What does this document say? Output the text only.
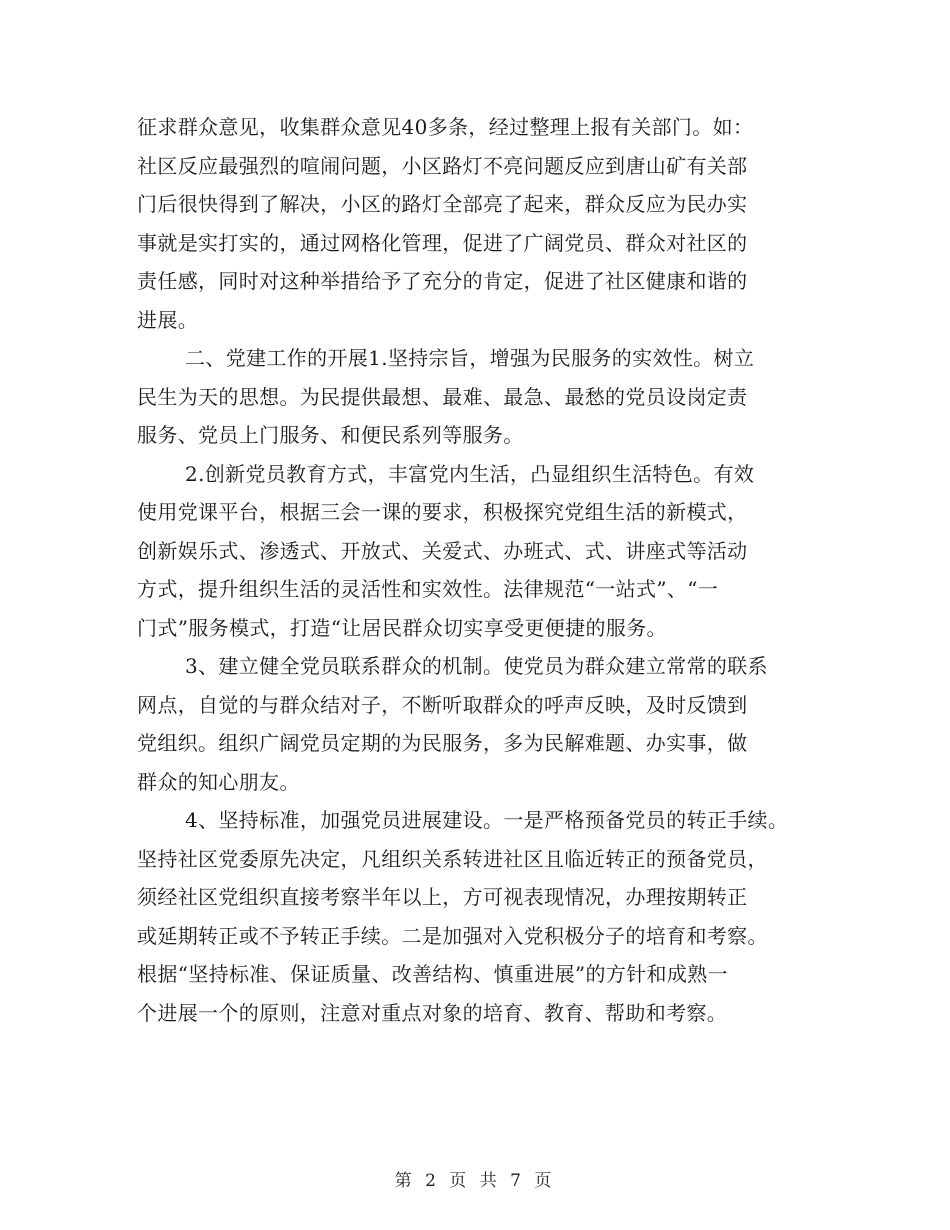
征求群众意见，收集群众意见40多条，经过整理上报有关部门。如：
社区反应最强烈的喧闹问题，小区路灯不亮问题反应到唐山矿有关部
门后很快得到了解决，小区的路灯全部亮了起来，群众反应为民办实
事就是实打实的，通过网格化管理，促进了广阔党员、群众对社区的
责任感，同时对这种举措给予了充分的肯定，促进了社区健康和谐的
进展。
二、党建工作的开展1.坚持宗旨，增强为民服务的实效性。树立
民生为天的思想。为民提供最想、最难、最急、最愁的党员设岗定责
服务、党员上门服务、和便民系列等服务。
2.创新党员教育方式，丰富党内生活，凸显组织生活特色。有效
使用党课平台，根据三会一课的要求，积极探究党组生活的新模式，
创新娱乐式、渗透式、开放式、关爱式、办班式、式、讲座式等活动
方式，提升组织生活的灵活性和实效性。法律规范“一站式”、“一
门式”服务模式，打造“让居民群众切实享受更便捷的服务。
3、建立健全党员联系群众的机制。使党员为群众建立常常的联系
网点，自觉的与群众结对子，不断听取群众的呼声反映，及时反馈到
党组织。组织广阔党员定期的为民服务，多为民解难题、办实事，做
群众的知心朋友。
4、坚持标准，加强党员进展建设。一是严格预备党员的转正手续。
坚持社区党委原先决定，凡组织关系转进社区且临近转正的预备党员，
须经社区党组织直接考察半年以上，方可视表现情况，办理按期转正
或延期转正或不予转正手续。二是加强对入党积极分子的培育和考察。
根据“坚持标准、保证质量、改善结构、慎重进展”的方针和成熟一
个进展一个的原则，注意对重点对象的培育、教育、帮助和考察。
第 2 页 共 7 页
